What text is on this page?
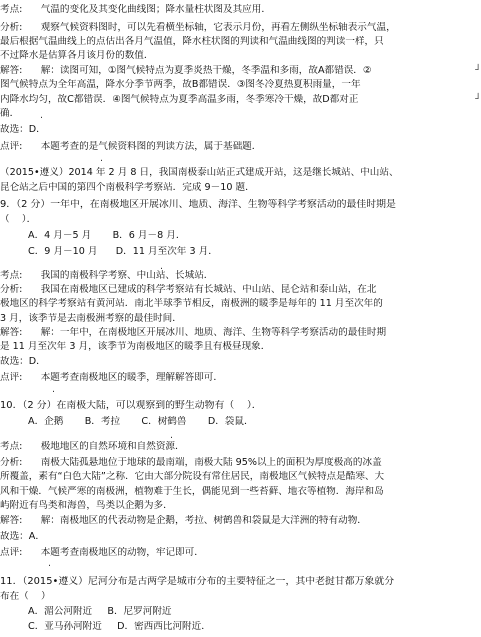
考点:      气温的变化及其变化曲线图；降水量柱状图及其应用．
分析:      观察气候资料图时，可以先看横坐标轴，它表示月份，再看左侧纵坐标轴表示气温，
最后根据气温曲线上的点估出各月气温值，降水柱状图的判读和气温曲线图的判读一样，只
不过降水是估算各月该月份的数值．
解答:      解：读图可知，①图气候特点为夏季炎热干燥，冬季温和多雨，故A都错误．②
图气候特点为全年高温，降水分季节两季，故B都错误．③图冬冷夏热夏积雨量，一年
内降水均匀，故C都错误．④图气候特点为夏季高温多雨，冬季寒冷干燥，故D都对正
确．
故选：D．
点评:      本题考查的是气候资料图的判读方法，属于基础题．
（2015•遵义）2014 年 2 月 8 日，我国南极泰山站正式建成开站，这是继长城站、中山站、
昆仑站之后中国的第四个南极科学考察站．完成 9－10 题．
9．（2 分）一年中，在南极地区开展冰川、地质、海洋、生物等科学考察活动的最佳时期是
（    ）．
A．4 月－5 月       B．6 月－8 月．
C．9 月－10 月      D．11 月至次年 3 月．
考点:      我国的南极科学考察、中山站、长城站．
分析:      我国在南极地区已建成的科学考察站有长城站、中山站、昆仑站和泰山站，在北
极地区的科学考察站有黄河站．南北半球季节相反，南极洲的暖季是每年的 11 月至次年的
3 月，该季节是去南极洲考察的最佳时间．
解答:      解：一年中，在南极地区开展冰川、地质、海洋、生物等科学考察活动的最佳时期
是 11 月至次年 3 月，该季节为南极地区的暖季且有极昼现象．
故选：D．
点评:      本题考查南极地区的暖季，理解解答即可．
10．（2 分）在南极大陆，可以观察到的野生动物有（    ）．
A．企鹅       B．考拉       C．树鹤兽       D．袋鼠．
考点:      极地地区的自然环境和自然资源．
分析:      南极大陆孤悬地位于地球的最南端，南极大陆 95%以上的面积为厚度极高的冰盖
所覆盖，素有“白色大陆”之称．它由大部分院设有常住居民，南极地区气候特点是酷寒、大
风和干燥．气候严寒的南极洲，植物难于生长，偶能见到一些苔藓、地衣等植物．海岸和岛
屿附近有鸟类和海兽，鸟类以企鹅为多．
解答:      解：南极地区的代表动物是企鹅，考拉、树鹤兽和袋鼠是大洋洲的特有动物．
故选：A．
点评:      本题考查南极地区的动物，牢记即可．
11．（2015•遵义）尼河分布是古两学是城市分布的主要特征之一，其中老挝甘都万象就分
布在（    ）
A．湄公河附近     B．尼罗河附近
C．亚马孙河附近     D．密西西比河附近．
.
.
.
.
.
.
┘
┘
